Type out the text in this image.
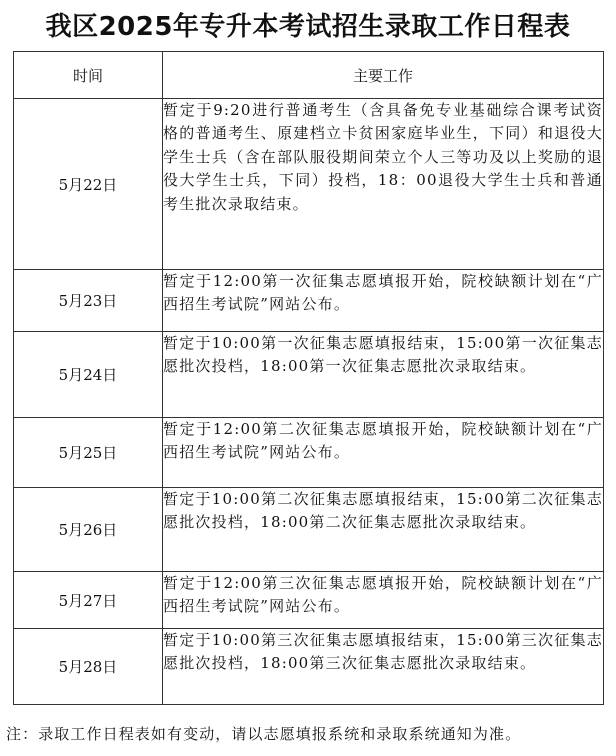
我区2025年专升本考试招生录取工作日程表
时间	主要工作
5月22日	暂定于9:20进行普通考生（含具备免专业基础综合课考试资格的普通考生、原建档立卡贫困家庭毕业生，下同）和退役大学生士兵（含在部队服役期间荣立个人三等功及以上奖励的退役大学生士兵，下同）投档，18：00退役大学生士兵和普通考生批次录取结束。
5月23日	暂定于12:00第一次征集志愿填报开始，院校缺额计划在“广西招生考试院”网站公布。
5月24日	暂定于10:00第一次征集志愿填报结束，15:00第一次征集志愿批次投档，18:00第一次征集志愿批次录取结束。
5月25日	暂定于12:00第二次征集志愿填报开始，院校缺额计划在“广西招生考试院”网站公布。
5月26日	暂定于10:00第二次征集志愿填报结束，15:00第二次征集志愿批次投档，18:00第二次征集志愿批次录取结束。
5月27日	暂定于12:00第三次征集志愿填报开始，院校缺额计划在“广西招生考试院”网站公布。
5月28日	暂定于10:00第三次征集志愿填报结束，15:00第三次征集志愿批次投档，18:00第三次征集志愿批次录取结束。
注：录取工作日程表如有变动，请以志愿填报系统和录取系统通知为准。
